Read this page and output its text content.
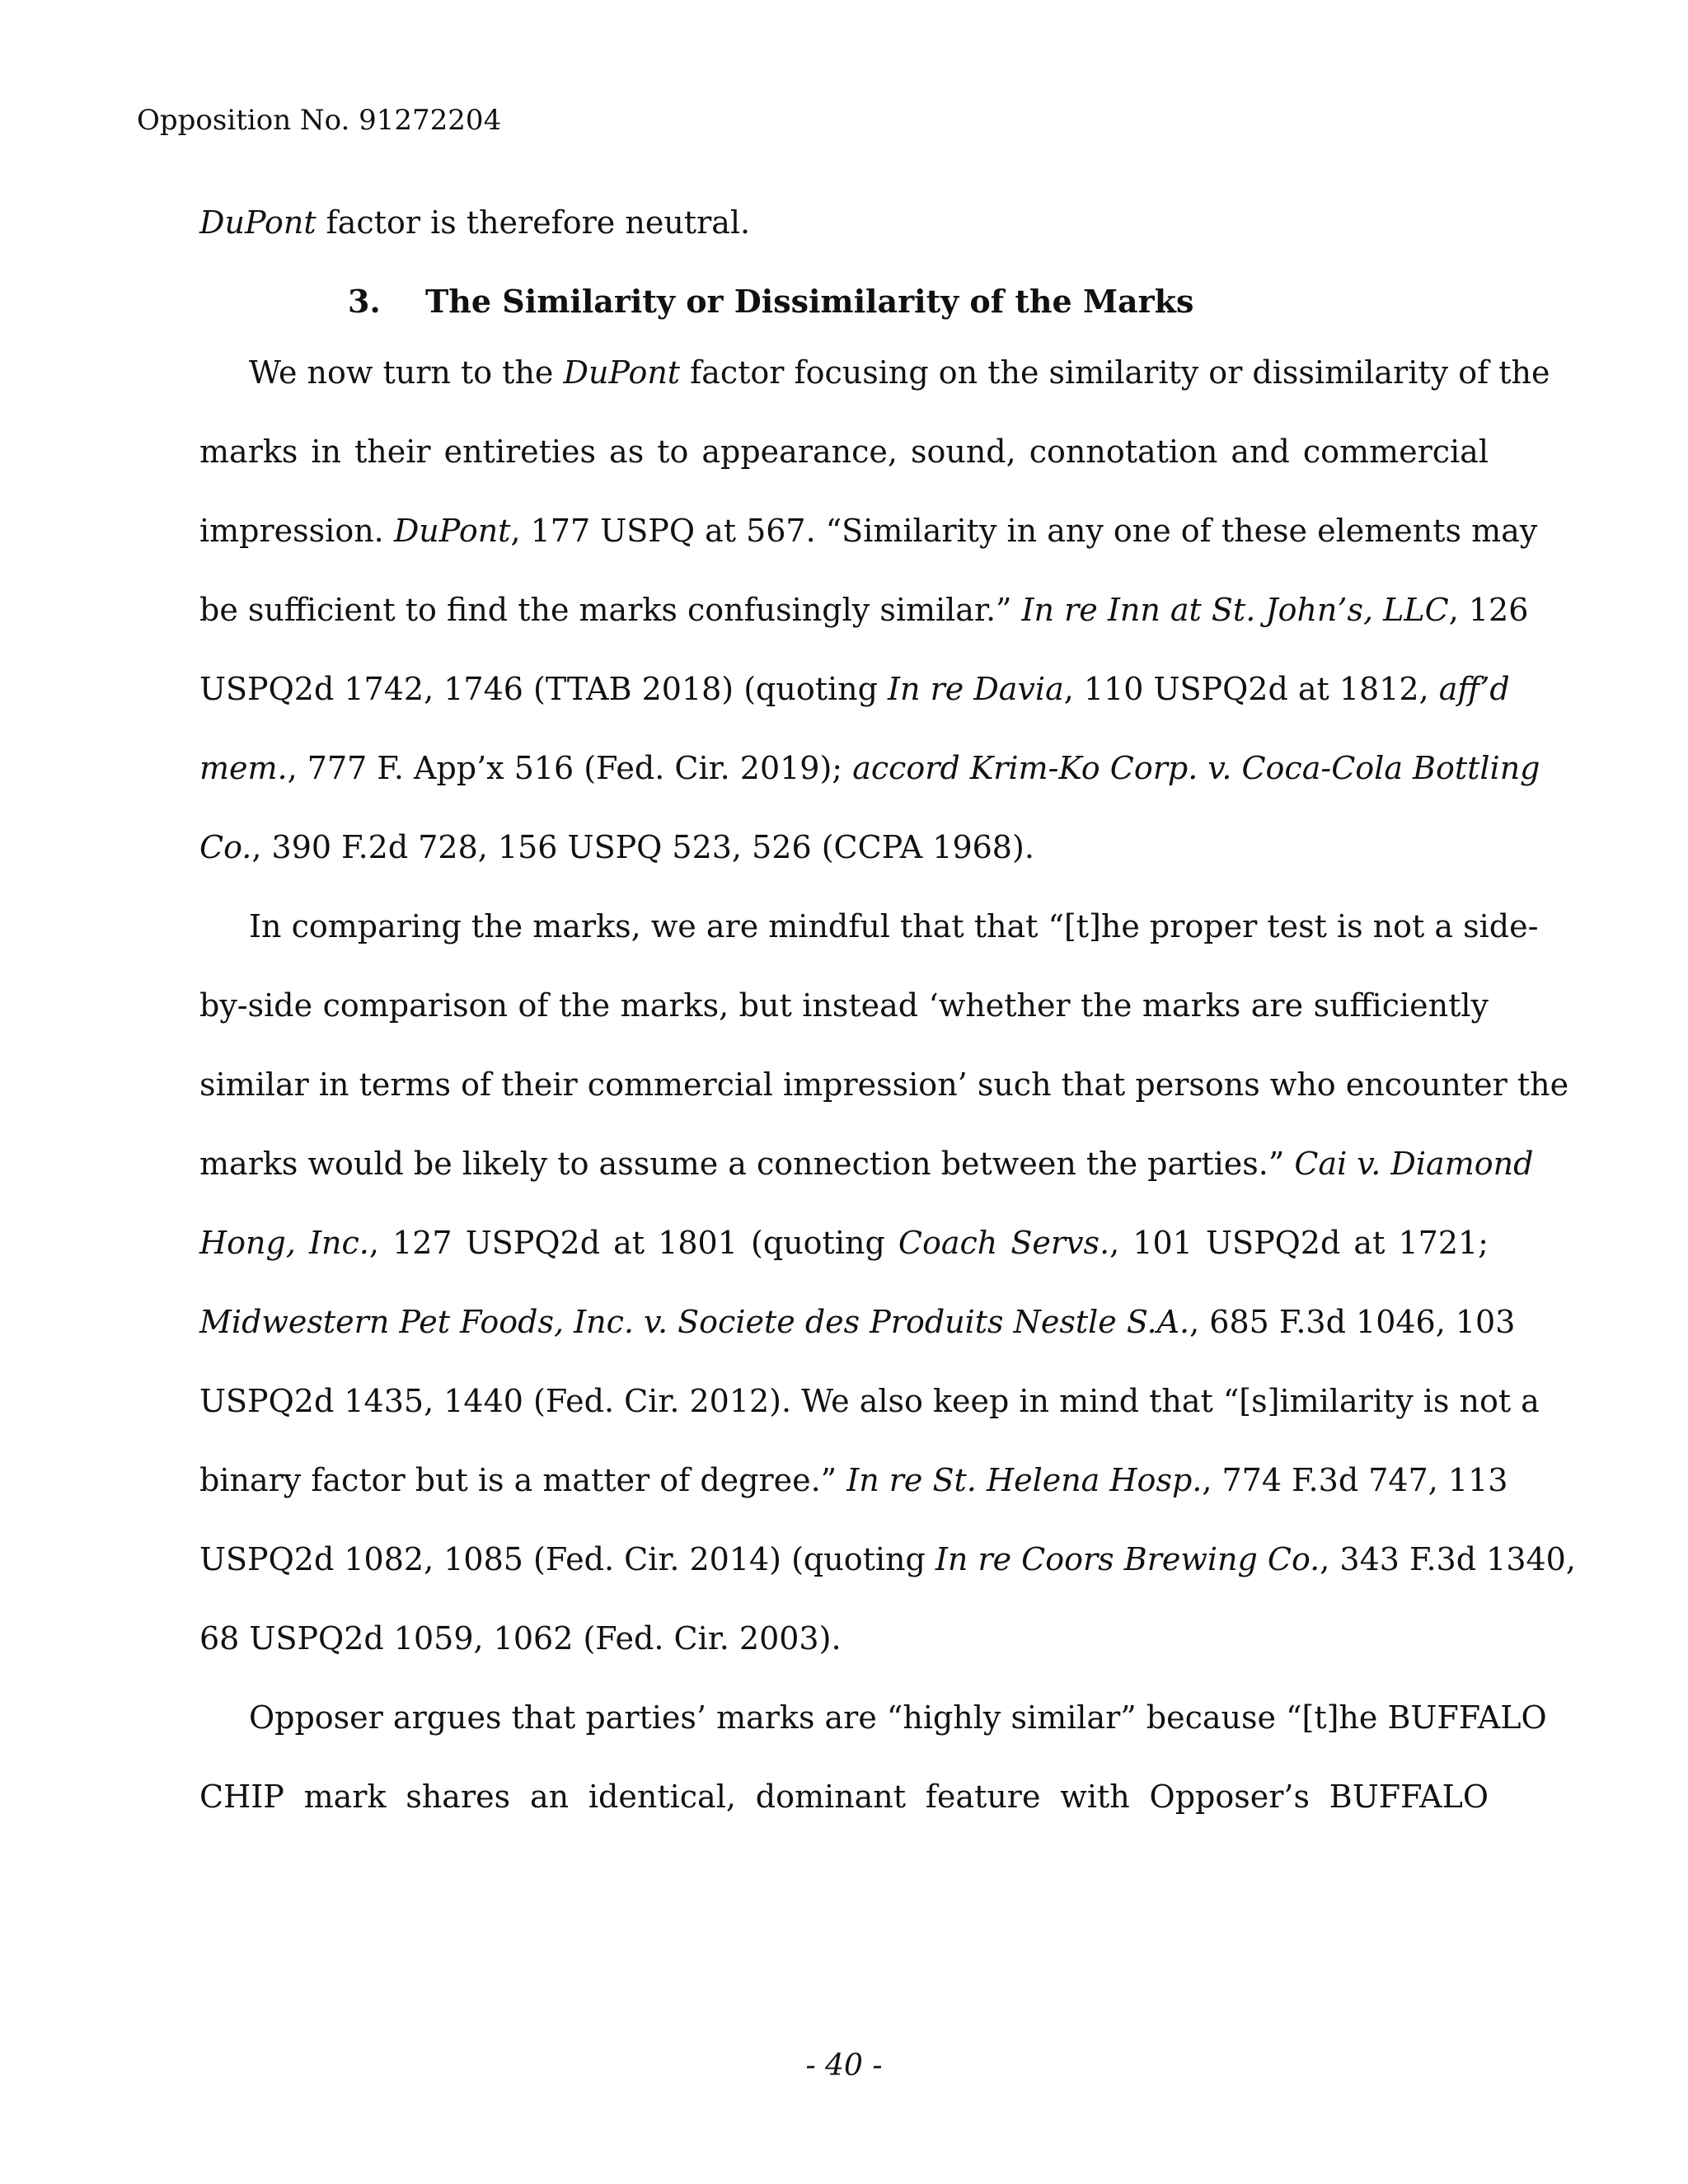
Opposition No. 91272204
DuPont factor is therefore neutral.
3. The Similarity or Dissimilarity of the Marks
We now turn to the DuPont factor focusing on the similarity or dissimilarity of the
marks in their entireties as to appearance, sound, connotation and commercial
impression. DuPont, 177 USPQ at 567. “Similarity in any one of these elements may
be sufficient to find the marks confusingly similar.” In re Inn at St. John’s, LLC, 126
USPQ2d 1742, 1746 (TTAB 2018) (quoting In re Davia, 110 USPQ2d at 1812, aff’d
mem., 777 F. App’x 516 (Fed. Cir. 2019); accord Krim-Ko Corp. v. Coca-Cola Bottling
Co., 390 F.2d 728, 156 USPQ 523, 526 (CCPA 1968).
In comparing the marks, we are mindful that that “[t]he proper test is not a side-
by-side comparison of the marks, but instead ‘whether the marks are sufficiently
similar in terms of their commercial impression’ such that persons who encounter the
marks would be likely to assume a connection between the parties.” Cai v. Diamond
Hong, Inc., 127 USPQ2d at 1801 (quoting Coach Servs., 101 USPQ2d at 1721;
Midwestern Pet Foods, Inc. v. Societe des Produits Nestle S.A., 685 F.3d 1046, 103
USPQ2d 1435, 1440 (Fed. Cir. 2012). We also keep in mind that “[s]imilarity is not a
binary factor but is a matter of degree.” In re St. Helena Hosp., 774 F.3d 747, 113
USPQ2d 1082, 1085 (Fed. Cir. 2014) (quoting In re Coors Brewing Co., 343 F.3d 1340,
68 USPQ2d 1059, 1062 (Fed. Cir. 2003).
Opposer argues that parties’ marks are “highly similar” because “[t]he BUFFALO
CHIP mark shares an identical, dominant feature with Opposer’s BUFFALO
- 40 -
